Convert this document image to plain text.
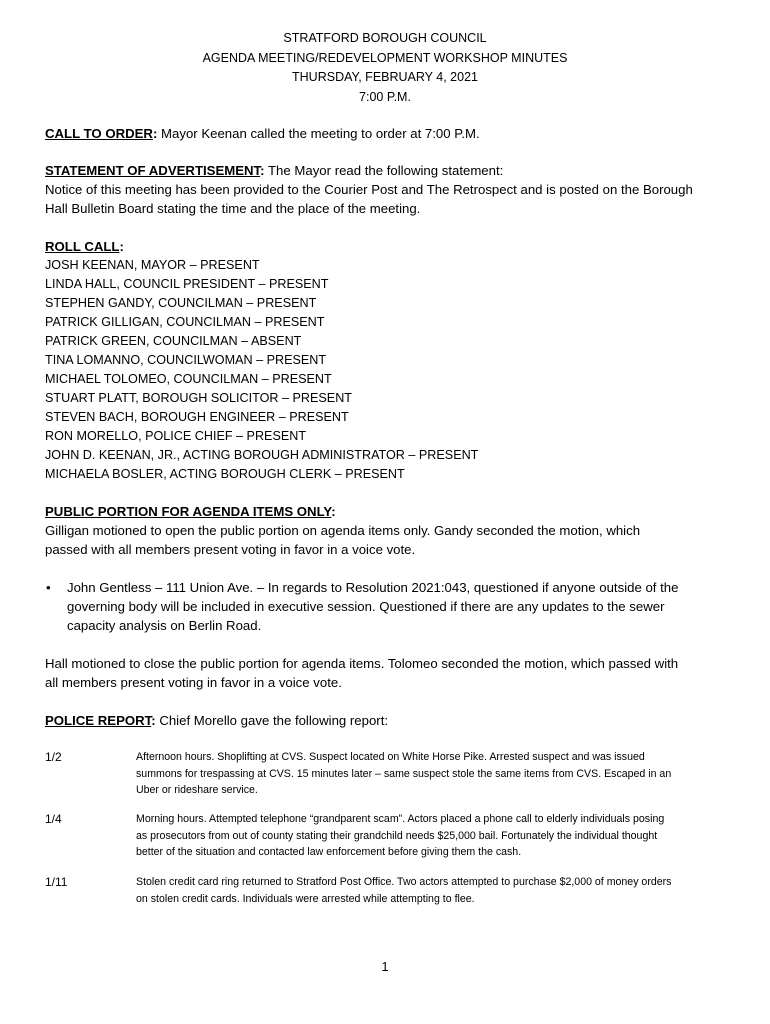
STRATFORD BOROUGH COUNCIL
AGENDA MEETING/REDEVELOPMENT WORKSHOP MINUTES
THURSDAY, FEBRUARY 4, 2021
7:00 P.M.
CALL TO ORDER: Mayor Keenan called the meeting to order at 7:00 P.M.
STATEMENT OF ADVERTISEMENT: The Mayor read the following statement:
Notice of this meeting has been provided to the Courier Post and The Retrospect and is posted on the Borough
Hall Bulletin Board stating the time and the place of the meeting.
ROLL CALL:
JOSH KEENAN, MAYOR – PRESENT
LINDA HALL, COUNCIL PRESIDENT – PRESENT
STEPHEN GANDY, COUNCILMAN – PRESENT
PATRICK GILLIGAN, COUNCILMAN – PRESENT
PATRICK GREEN, COUNCILMAN – ABSENT
TINA LOMANNO, COUNCILWOMAN – PRESENT
MICHAEL TOLOMEO, COUNCILMAN – PRESENT
STUART PLATT, BOROUGH SOLICITOR – PRESENT
STEVEN BACH, BOROUGH ENGINEER – PRESENT
RON MORELLO, POLICE CHIEF – PRESENT
JOHN D. KEENAN, JR., ACTING BOROUGH ADMINISTRATOR – PRESENT
MICHAELA BOSLER, ACTING BOROUGH CLERK – PRESENT
PUBLIC PORTION FOR AGENDA ITEMS ONLY:
Gilligan motioned to open the public portion on agenda items only. Gandy seconded the motion, which
passed with all members present voting in favor in a voice vote.
• John Gentless – 111 Union Ave. – In regards to Resolution 2021:043, questioned if anyone outside of the
governing body will be included in executive session. Questioned if there are any updates to the sewer
capacity analysis on Berlin Road.
Hall motioned to close the public portion for agenda items. Tolomeo seconded the motion, which passed with
all members present voting in favor in a voice vote.
POLICE REPORT: Chief Morello gave the following report:
1/2	Afternoon hours. Shoplifting at CVS. Suspect located on White Horse Pike. Arrested suspect and was issued
summons for trespassing at CVS. 15 minutes later – same suspect stole the same items from CVS. Escaped in an
Uber or rideshare service.
1/4	Morning hours. Attempted telephone “grandparent scam”. Actors placed a phone call to elderly individuals posing
as prosecutors from out of county stating their grandchild needs $25,000 bail. Fortunately the individual thought
better of the situation and contacted law enforcement before giving them the cash.
1/11	Stolen credit card ring returned to Stratford Post Office. Two actors attempted to purchase $2,000 of money orders
on stolen credit cards. Individuals were arrested while attempting to flee.
1
